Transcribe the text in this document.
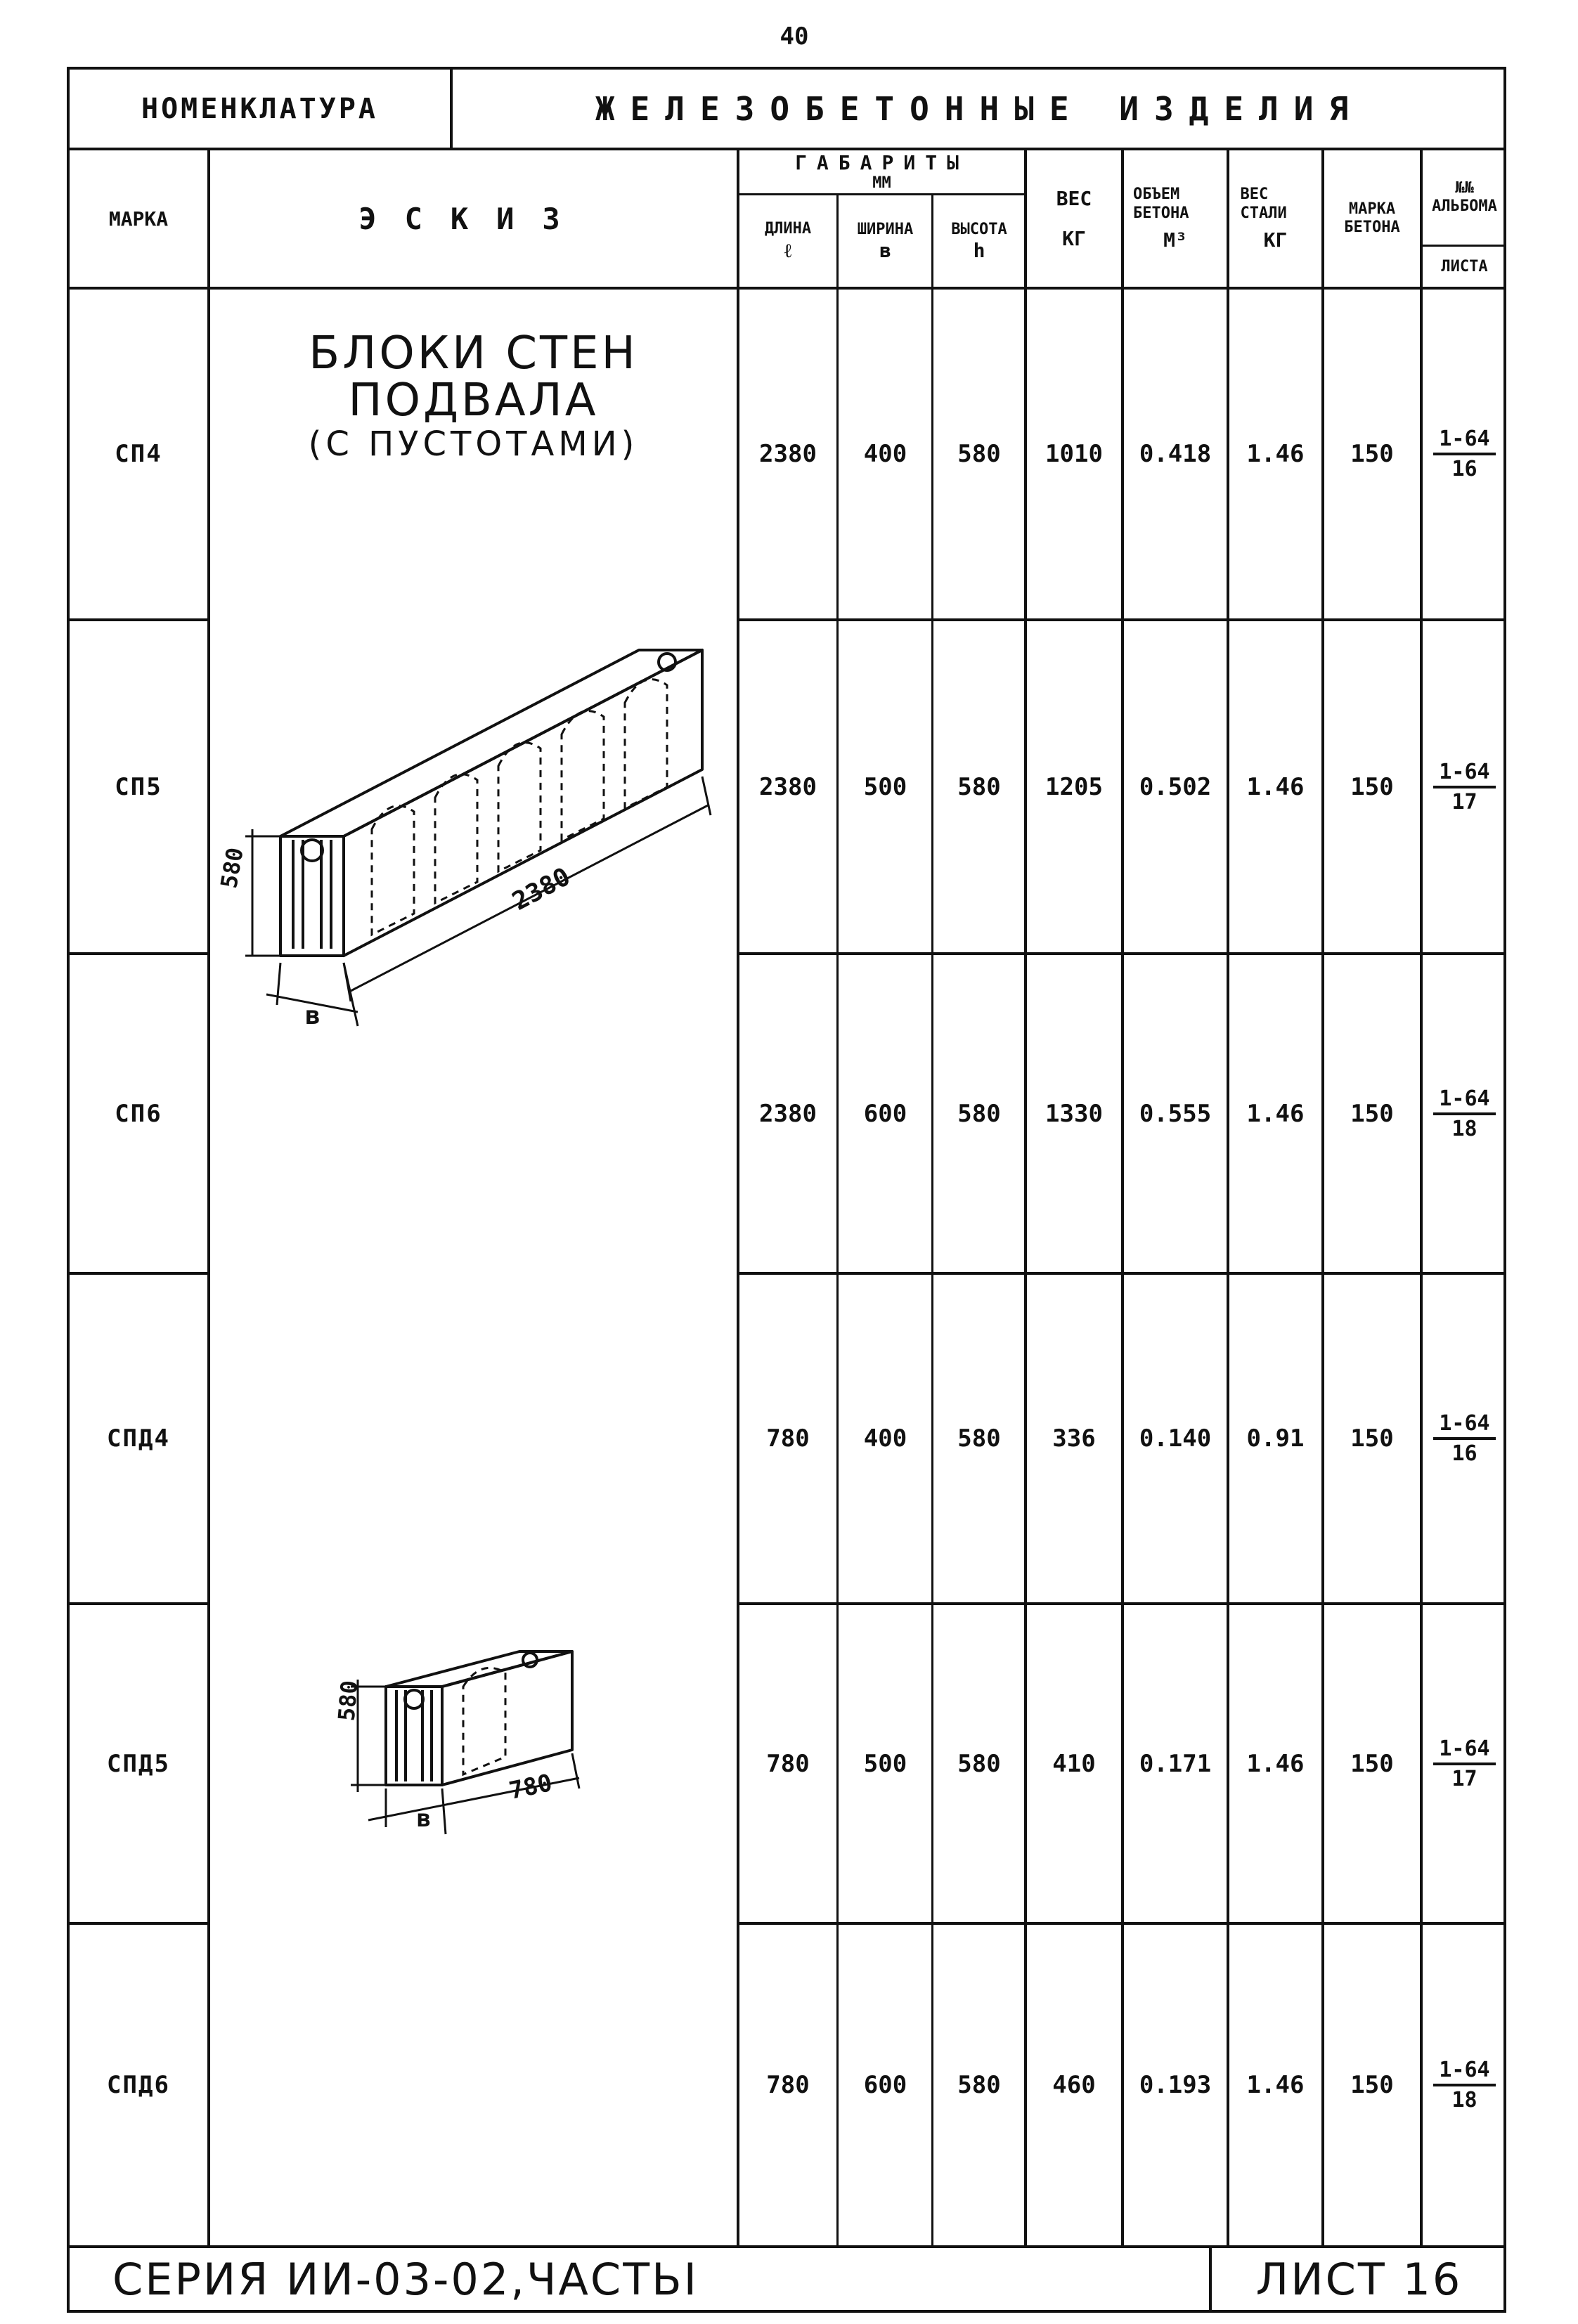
40
НОМЕНКЛАТУРА	ЖЕЛЕЗОБЕТОННЫЕ ИЗДЕЛИЯ
МАРКА	ЭСКИЗ
ГАБАРИТЫ
ММ
ДЛИНА
ℓ
ШИРИНА
в
ВЫСОТА
h
ВЕС
КГ
ОБЪЕМ БЕТОНА
М³
ВЕС СТАЛИ
КГ
МАРКА БЕТОНА
№№ АЛЬБОМА
ЛИСТА
СП4	2380	400	580	1010	0.418	1.46	150	$\frac{1-64}{16}$
СП5	2380	500	580	1205	0.502	1.46	150	$\frac{1-64}{17}$
СП6	2380	600	580	1330	0.555	1.46	150	$\frac{1-64}{18}$
СПД4	780	400	580	336	0.140	0.91	150	$\frac{1-64}{16}$
СПД5	780	500	580	410	0.171	1.46	150	$\frac{1-64}{17}$
СПД6	780	600	580	460	0.193	1.46	150	$\frac{1-64}{18}$
БЛОКИ СТЕН
ПОДВАЛА
(С ПУСТОТАМИ)
580	2380
в
580
780
в
СЕРИЯ ИИ-03-02,ЧАСТЬI	ЛИСТ 16
